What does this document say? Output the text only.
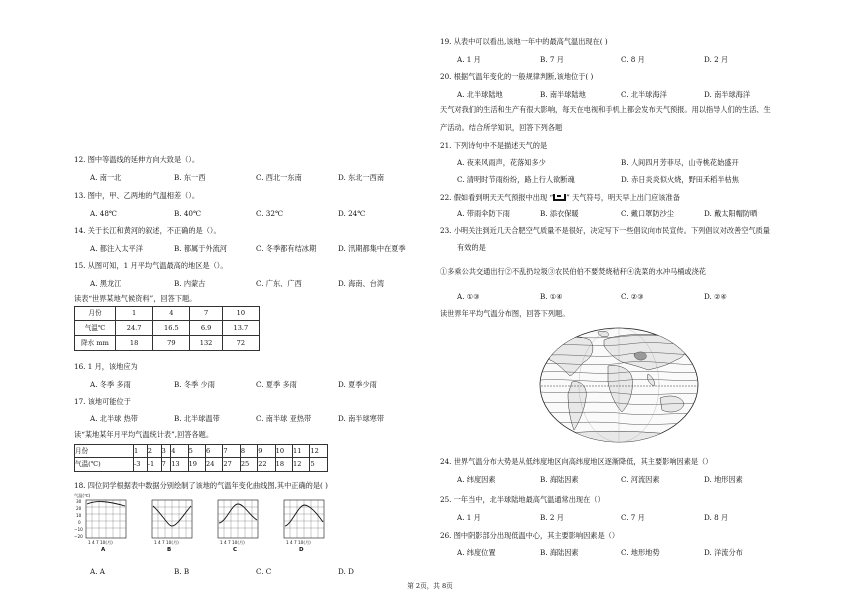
12. 图中等温线的延伸方向大致是（）。
A. 南一北	B. 东一西	C. 西北一东南	D. 东北一西南
13. 图中，甲、乙两地的气温相差（）。
A. 48℃	B. 40℃	C. 32℃	D. 24℃
14. 关于长江和黄河的叙述，不正确的是（）。
A. 都注入太平洋	B. 都属于外流河	C. 冬季都有结冰期	D. 汛期都集中在夏季
15. 从图可知，1 月平均气温最高的地区是（）。
A. 黑龙江	B. 内蒙古	C. 广东、广西	D. 海南、台湾
读表“世界某地气候资料”，回答下题。
月份	1	4	7	10
气温℃	24.7	16.5	6.9	13.7
降水 mm	18	79	132	72
16. 1 月，该地应为
A. 冬季 多雨	B. 冬季 少雨	C. 夏季 多雨	D. 夏季少雨
17. 该地可能位于
A. 北半球 热带	B. 北半球温带	C. 南半球 亚热带	D. 南半球寒带
读“某地某年月平均气温统计表”,回答各题。
月份	1	2	3	4	5	6	7	8	9	10	11	12
气温(℃)	-3	-1	7	13	19	24	27	25	22	18	12	5
18. 四位同学根据表中数据分别绘制了该地的气温年变化曲线图,其中正确的是( )
气温(℃)
30
20
10
0
−10
−20
1 4 7 10(月)
A
1 4 7 10(月)
B
1 4 7 10(月)
C
1 4 7 10(月)
D
A. A	B. B	C. C	D. D
19. 从表中可以看出,该地一年中的最高气温出现在( )
A. 1 月	B. 7 月	C. 8 月	D. 2 月
20. 根据气温年变化的一般规律判断,该地位于( )
A. 北半球陆地	B. 南半球陆地	C. 北半球海洋	D. 南半球海洋
天气对我们的生活和生产有很大影响，每天在电视和手机上都会发布天气预报。用以指导人们的生活、生
产活动。结合所学知识，回答下列各题
21. 下列诗句中不是描述天气的是
A. 夜来风雨声，花落知多少	B. 人间四月芳菲尽，山寺桃花始盛开
C. 清明时节雨纷纷，路上行人欲断魂	D. 赤日炎炎似火烧，野田禾稻半枯焦
22. 假如看到明天天气预报中出现 “ ” 天气符号，明天早上出门应该准备
A. 带雨伞防下雨	B. 添衣保暖	C. 戴口罩防沙尘	D. 戴太阳帽防晒
23. 小明关注到近几天合肥空气质量不是很好，决定写下一些倡议向市民宣传。下列倡议对改善空气质量
有效的是
①多乘公共交通出行②不乱扔垃圾③农民伯伯不要焚烧秸秆④洗菜的水冲马桶或浇花
A. ①③	B. ①④	C. ②③	D. ②④
读世界年平均气温分布图，回答下列题。
24. 世界气温分布大势是从低纬度地区向高纬度地区逐渐降低，其主要影响因素是（）
A. 纬度因素	B. 海陆因素	C. 河流因素	D. 地形因素
25. 一年当中，北半球陆地最高气温通常出现在（）
A. 1 月	B. 2 月	C. 7 月	D. 8 月
26. 图中阴影部分出现低温中心，其主要影响因素是（）
A. 纬度位置	B. 海陆因素	C. 地形地势	D. 洋流分布
第 2页，共 8页
